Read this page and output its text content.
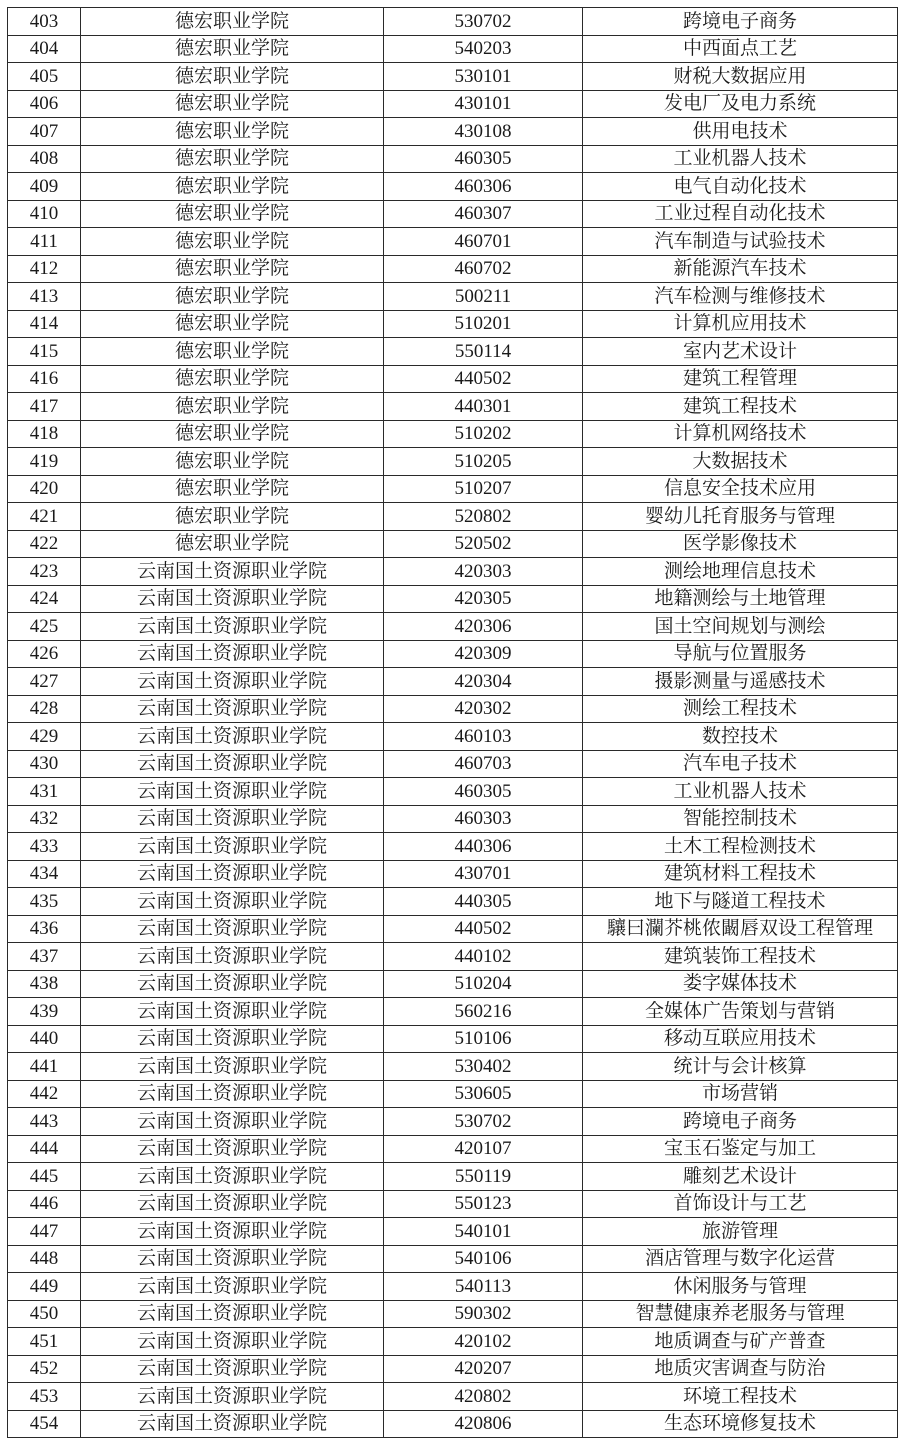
403	德宏职业学院	530702	跨境电子商务
404	德宏职业学院	540203	中西面点工艺
405	德宏职业学院	530101	财税大数据应用
406	德宏职业学院	430101	发电厂及电力系统
407	德宏职业学院	430108	供用电技术
408	德宏职业学院	460305	工业机器人技术
409	德宏职业学院	460306	电气自动化技术
410	德宏职业学院	460307	工业过程自动化技术
411	德宏职业学院	460701	汽车制造与试验技术
412	德宏职业学院	460702	新能源汽车技术
413	德宏职业学院	500211	汽车检测与维修技术
414	德宏职业学院	510201	计算机应用技术
415	德宏职业学院	550114	室内艺术设计
416	德宏职业学院	440502	建筑工程管理
417	德宏职业学院	440301	建筑工程技术
418	德宏职业学院	510202	计算机网络技术
419	德宏职业学院	510205	大数据技术
420	德宏职业学院	510207	信息安全技术应用
421	德宏职业学院	520802	婴幼儿托育服务与管理
422	德宏职业学院	520502	医学影像技术
423	云南国土资源职业学院	420303	测绘地理信息技术
424	云南国土资源职业学院	420305	地籍测绘与土地管理
425	云南国土资源职业学院	420306	国土空间规划与测绘
426	云南国土资源职业学院	420309	导航与位置服务
427	云南国土资源职业学院	420304	摄影测量与遥感技术
428	云南国土资源职业学院	420302	测绘工程技术
429	云南国土资源职业学院	460103	数控技术
430	云南国土资源职业学院	460703	汽车电子技术
431	云南国土资源职业学院	460305	工业机器人技术
432	云南国土资源职业学院	460303	智能控制技术
433	云南国土资源职业学院	440306	土木工程检测技术
434	云南国土资源职业学院	430701	建筑材料工程技术
435	云南国土资源职业学院	440305	地下与隧道工程技术
436	云南国土资源职业学院	440502	驤曰瀾芥桃侬闞唇双设工程管理
437	云南国土资源职业学院	440102	建筑装饰工程技术
438	云南国土资源职业学院	510204	娄字媒体技术
439	云南国土资源职业学院	560216	全媒体广告策划与营销
440	云南国土资源职业学院	510106	移动互联应用技术
441	云南国土资源职业学院	530402	统计与会计核算
442	云南国土资源职业学院	530605	市场营销
443	云南国土资源职业学院	530702	跨境电子商务
444	云南国土资源职业学院	420107	宝玉石鉴定与加工
445	云南国土资源职业学院	550119	雕刻艺术设计
446	云南国土资源职业学院	550123	首饰设计与工艺
447	云南国土资源职业学院	540101	旅游管理
448	云南国土资源职业学院	540106	酒店管理与数字化运营
449	云南国土资源职业学院	540113	休闲服务与管理
450	云南国土资源职业学院	590302	智慧健康养老服务与管理
451	云南国土资源职业学院	420102	地质调查与矿产普查
452	云南国土资源职业学院	420207	地质灾害调查与防治
453	云南国土资源职业学院	420802	环境工程技术
454	云南国土资源职业学院	420806	生态环境修复技术
